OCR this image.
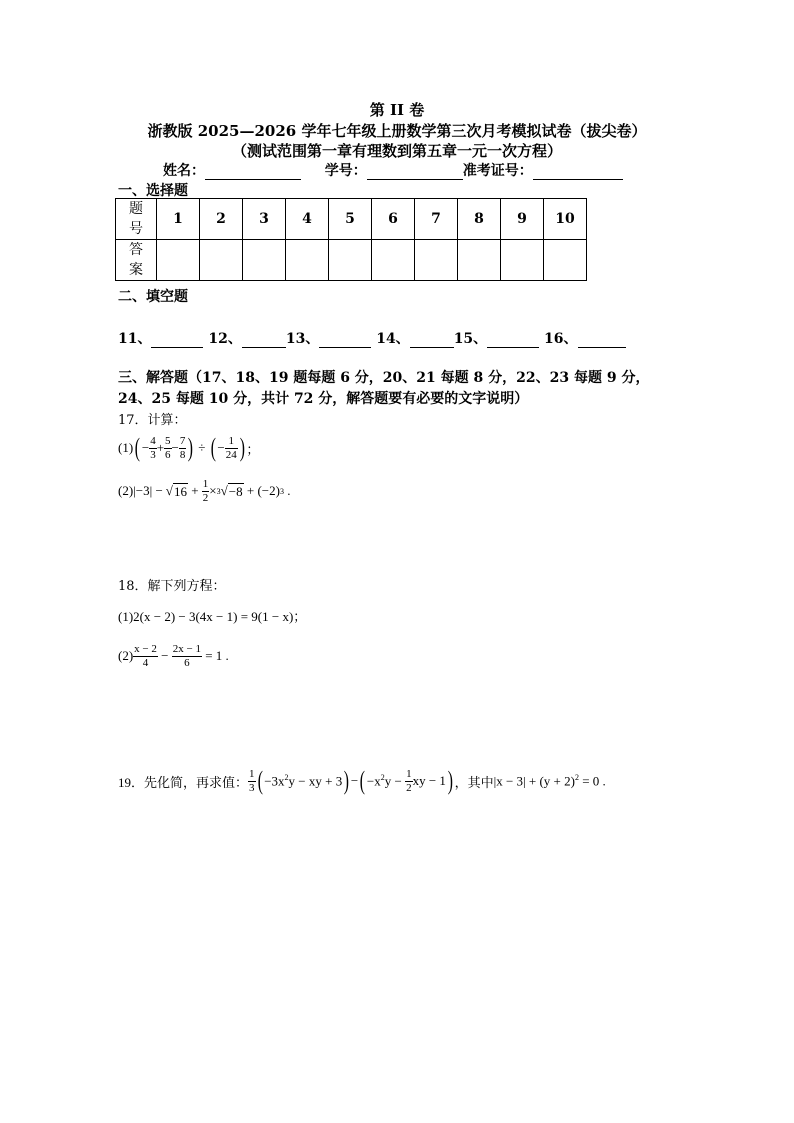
第 II 卷
浙教版 2025—2026 学年七年级上册数学第三次月考模拟试卷（拔尖卷）
（测试范围第一章有理数到第五章一元一次方程）
姓名：	学号：	准考证号：
一、选择题
题号	1	2	3	4	5	6	7	8	9	10
答案										
二、填空题
11、	12、	13、	14、	15、	16、
三、解答题（17、18、19 题每题 6 分，20、21 每题 8 分，22、23 每题 9 分，
24、25 每题 10 分，共计 72 分，解答题要有必要的文字说明）
17．计算：
(1) ( − $\frac{4}{3} + \frac{5}{6} - \frac{7}{8}$ ) ÷ ( − $\frac{1}{24}$ ) ；
(2) |−3| − √ $16 + \frac{1}{2} \times 3$ √ −8 + (−2) 3 .
18．解下列方程：
(1)2(x − 2) − 3(4x − 1) = 9(1 − x)；
$(2) \frac{x - 2}{4} - \frac{2x - 1}{6} = 1$ .
19．先化简，再求值： $\frac{1}{3}$ ( $-3x^2y$ − xy + 3 ) − ( $-x^2y - \frac{1}{2}$ xy − 1 ) ，其中 $|x - 3| + (y + 2)^2 = 0$ .
